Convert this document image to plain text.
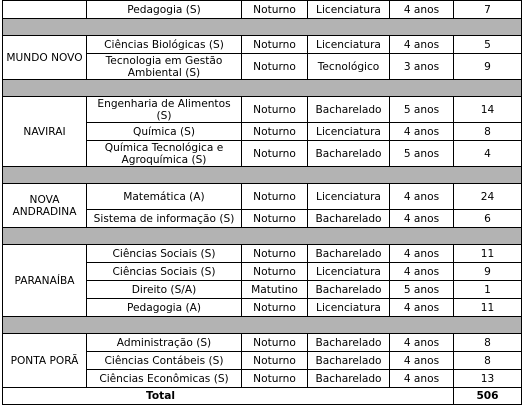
	Pedagogia (S)	Noturno	Licenciatura	4 anos	7

MUNDO NOVO	Ciências Biológicas (S)	Noturno	Licenciatura	4 anos	5
	Tecnologia em Gestão Ambiental (S)	Noturno	Tecnológico	3 anos	9

NAVIRAI	Engenharia de Alimentos (S)	Noturno	Bacharelado	5 anos	14
	Química (S)	Noturno	Licenciatura	4 anos	8
	Química Tecnológica e Agroquímica (S)	Noturno	Bacharelado	5 anos	4

NOVA ANDRADINA	Matemática (A)	Noturno	Licenciatura	4 anos	24
	Sistema de informação (S)	Noturno	Bacharelado	4 anos	6

PARANAÍBA	Ciências Sociais (S)	Noturno	Bacharelado	4 anos	11
	Ciências Sociais (S)	Noturno	Licenciatura	4 anos	9
	Direito (S/A)	Matutino	Bacharelado	5 anos	1
	Pedagogia (A)	Noturno	Licenciatura	4 anos	11

PONTA PORÃ	Administração (S)	Noturno	Bacharelado	4 anos	8
	Ciências Contábeis (S)	Noturno	Bacharelado	4 anos	8
	Ciências Econômicas (S)	Noturno	Bacharelado	4 anos	13
Total					506
